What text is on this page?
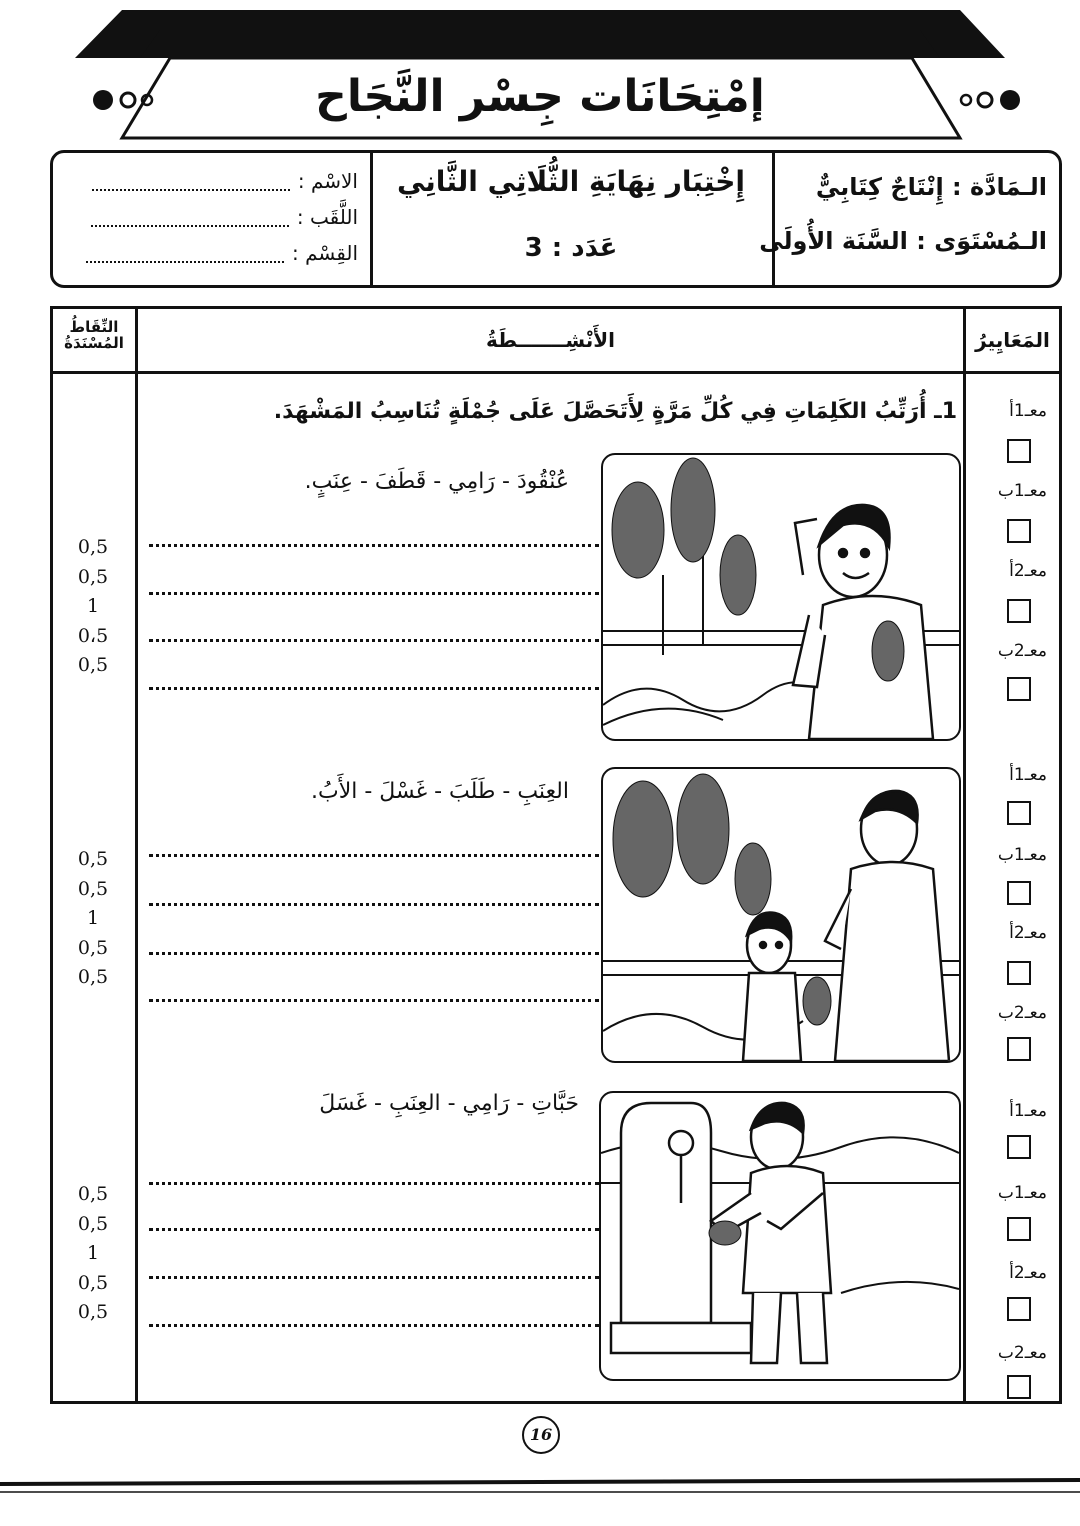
إمْتِحَانَات جِسْر النَّجَاح
الاسْم :
اللَّقَب :
القِسْم :
إِخْتِبَار نِهَايَةِ الثُّلَاثِي الثَّانِي
عَدَد : 3
الـمَادَّة : إِنْتَاجٌ كِتَابِيٌّ
الـمُسْتَوَى : السَّنَة الأُولَى
النِّقَاطُ المُسْنَدَةُ	الأَنْشِـــــــطَةُ	المَعَايِيرُ
1ـ أُرَتِّبُ الكَلِمَاتِ فِي كُلِّ مَرَّةٍ لِأَتَحَصَّلَ عَلَى جُمْلَةٍ تُنَاسِبُ المَشْهَدَ.
عُنْقُودَ - رَامِي - قَطَفَ - عِنَبٍ.
0,5
0,5
1
0،5
0,5
معـ1أ
معـ1ب
معـ2أ
معـ2ب
العِنَبِ - طَلَبَ - غَسْلَ - الأَبُ.
0,5
0,5
1
0,5
0,5
معـ1أ
معـ1ب
معـ2أ
معـ2ب
حَبَّاتِ - رَامِي - العِنَبِ - غَسَلَ
0,5
0,5
1
0,5
0,5
معـ1أ
معـ1ب
معـ2أ
معـ2ب
16
